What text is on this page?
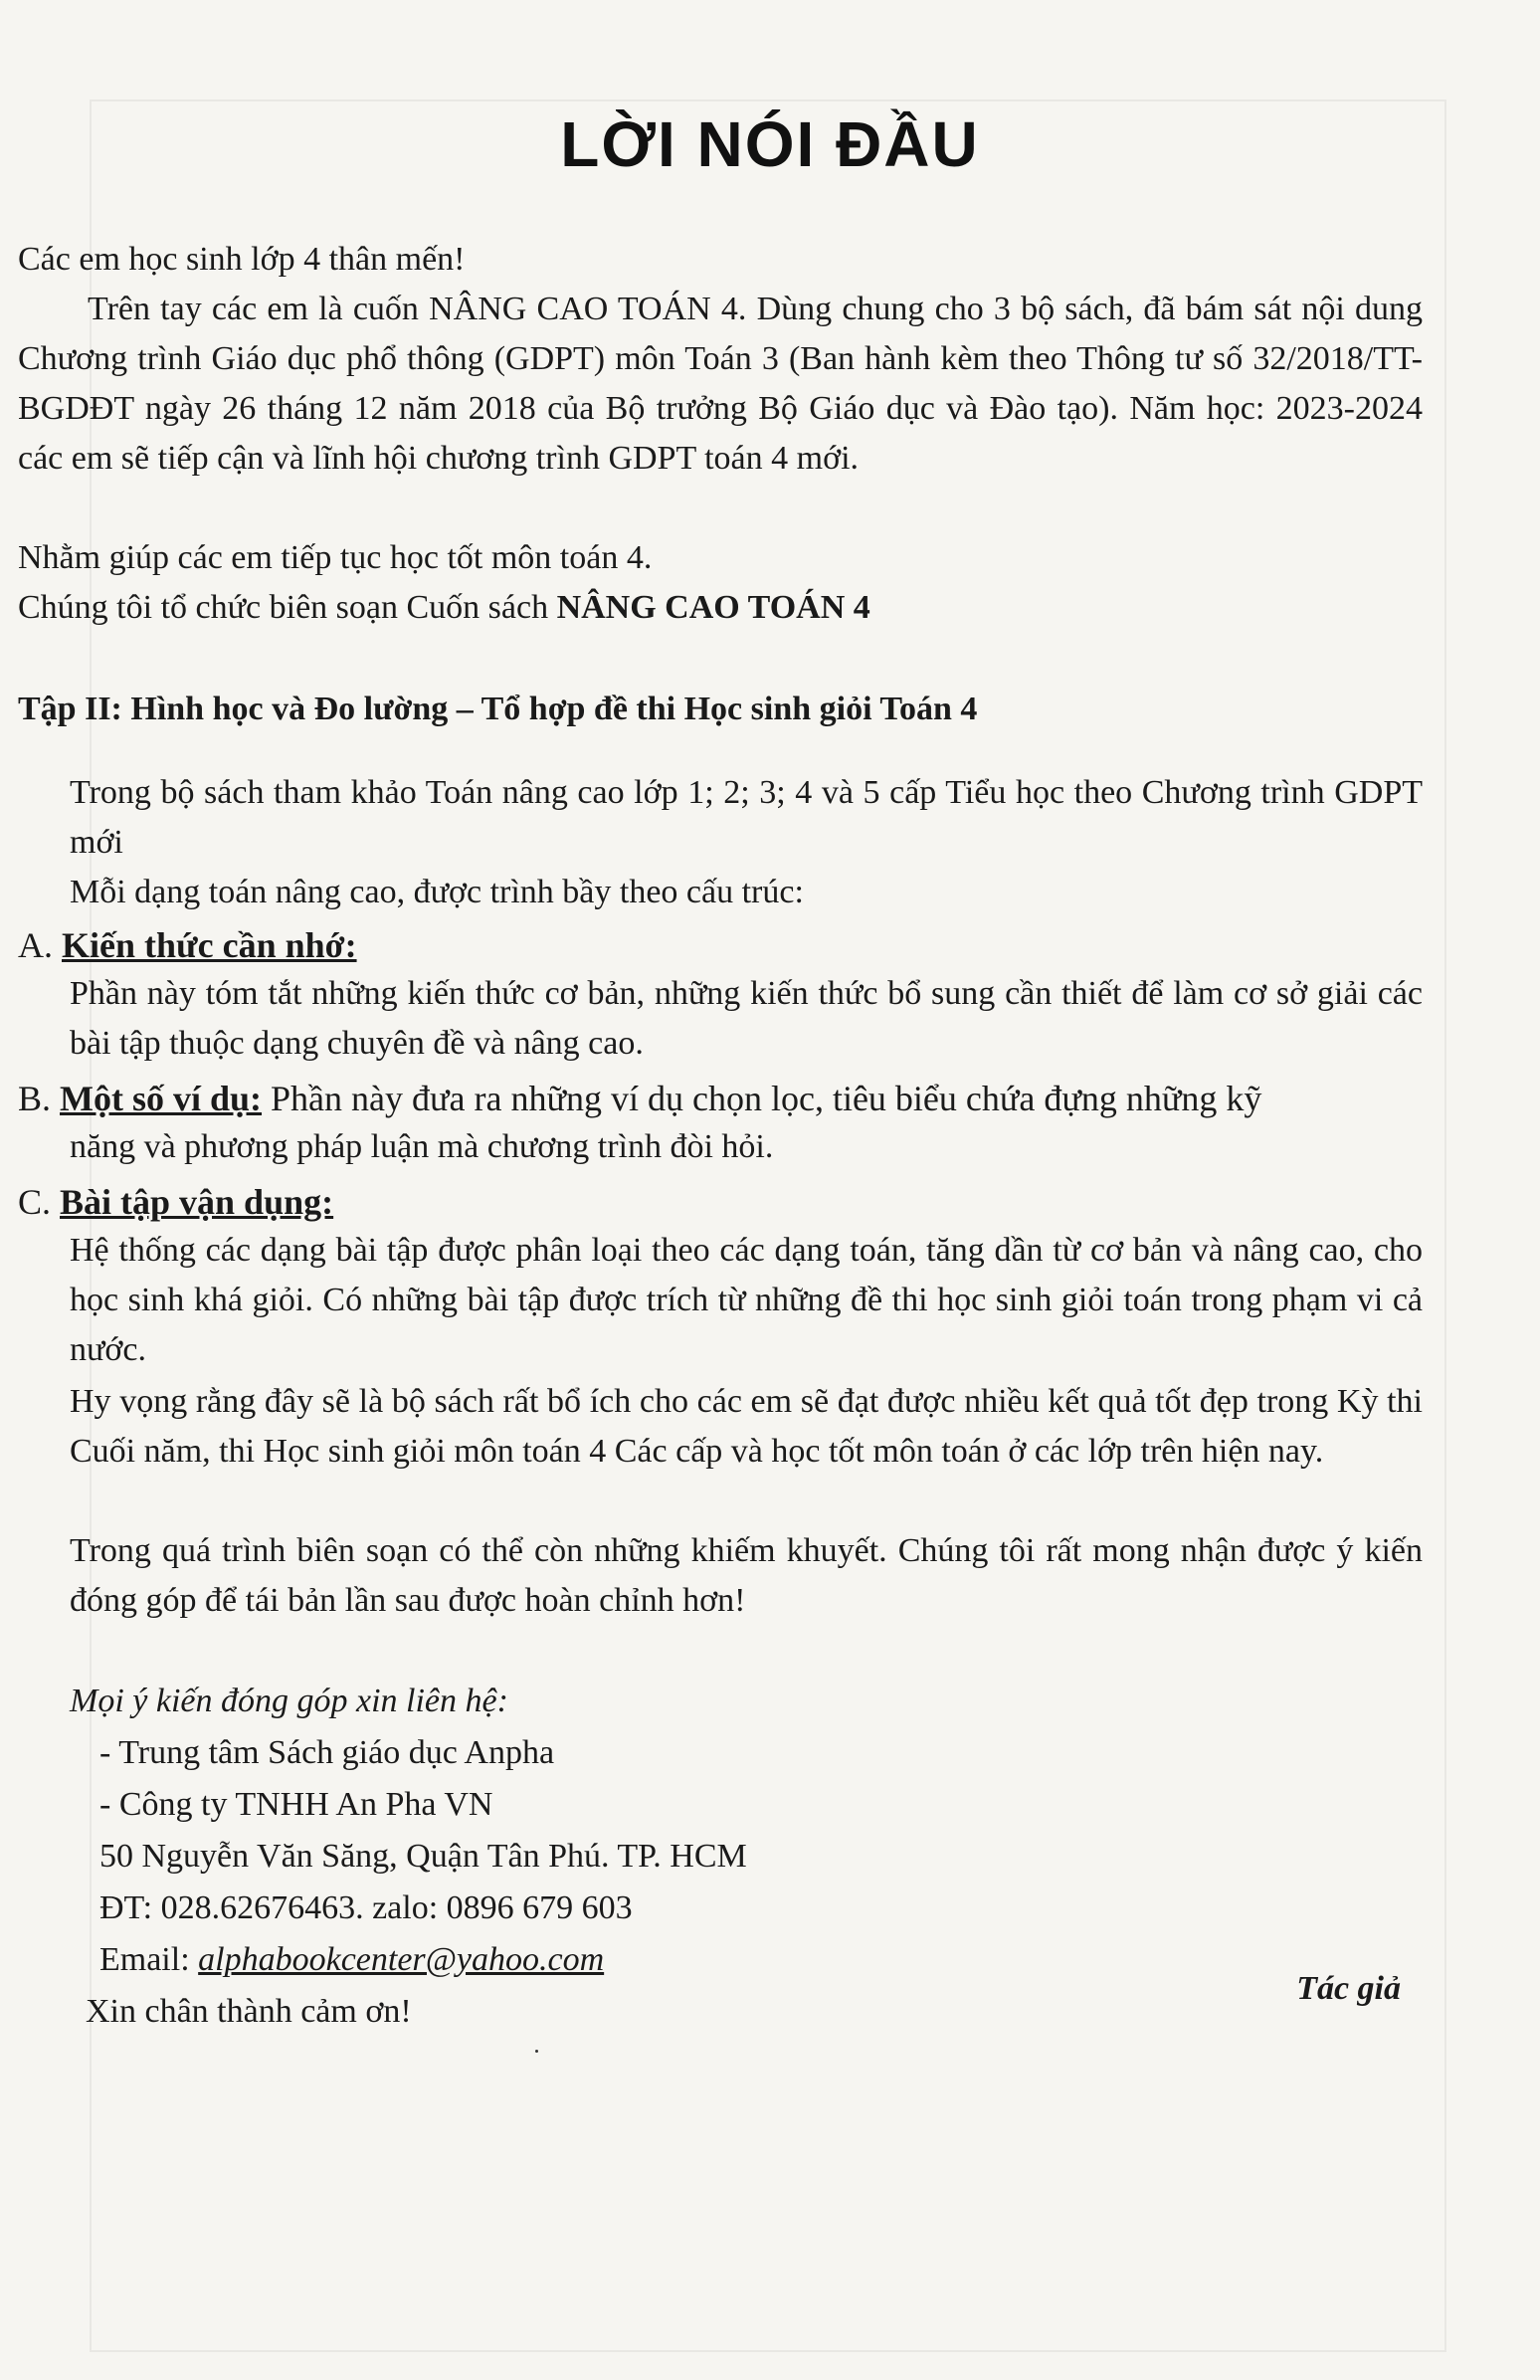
LỜI NÓI ĐẦU

Các em học sinh lớp 4 thân mến!

Trên tay các em là cuốn NÂNG CAO TOÁN 4. Dùng chung cho 3 bộ sách, đã bám sát nội dung Chương trình Giáo dục phổ thông (GDPT) môn Toán 3 (Ban hành kèm theo Thông tư số 32/2018/TT-BGDĐT ngày 26 tháng 12 năm 2018 của Bộ trưởng Bộ Giáo dục và Đào tạo). Năm học: 2023-2024 các em sẽ tiếp cận và lĩnh hội chương trình GDPT toán 4 mới.

Nhằm giúp các em tiếp tục học tốt môn toán 4.

Chúng tôi tổ chức biên soạn Cuốn sách NÂNG CAO TOÁN 4

Tập II: Hình học và Đo lường – Tổ hợp đề thi Học sinh giỏi Toán 4

Trong bộ sách tham khảo Toán nâng cao lớp 1; 2; 3; 4 và 5 cấp Tiểu học theo Chương trình GDPT mới

Mỗi dạng toán nâng cao, được trình bầy theo cấu trúc:

A. Kiến thức cần nhớ:

Phần này tóm tắt những kiến thức cơ bản, những kiến thức bổ sung cần thiết để làm cơ sở giải các bài tập thuộc dạng chuyên đề và nâng cao.

B. Một số ví dụ: Phần này đưa ra những ví dụ chọn lọc, tiêu biểu chứa đựng những kỹ

năng và phương pháp luận mà chương trình đòi hỏi.

C. Bài tập vận dụng:

Hệ thống các dạng bài tập được phân loại theo các dạng toán, tăng dần từ cơ bản và nâng cao, cho học sinh khá giỏi. Có những bài tập được trích từ những đề thi học sinh giỏi toán trong phạm vi cả nước.

Hy vọng rằng đây sẽ là bộ sách rất bổ ích cho các em sẽ đạt được nhiều kết quả tốt đẹp trong Kỳ thi Cuối năm, thi Học sinh giỏi môn toán 4 Các cấp và học tốt môn toán ở các lớp trên hiện nay.

Trong quá trình biên soạn có thể còn những khiếm khuyết. Chúng tôi rất mong nhận được ý kiến đóng góp để tái bản lần sau được hoàn chỉnh hơn!

Mọi ý kiến đóng góp xin liên hệ:

- Trung tâm Sách giáo dục Anpha

- Công ty TNHH An Pha VN

50 Nguyễn Văn Săng, Quận Tân Phú. TP. HCM

ĐT: 028.62676463. zalo: 0896 679 603

Email: alphabookcenter@yahoo.com

Xin chân thành cảm ơn!

Tác giả
